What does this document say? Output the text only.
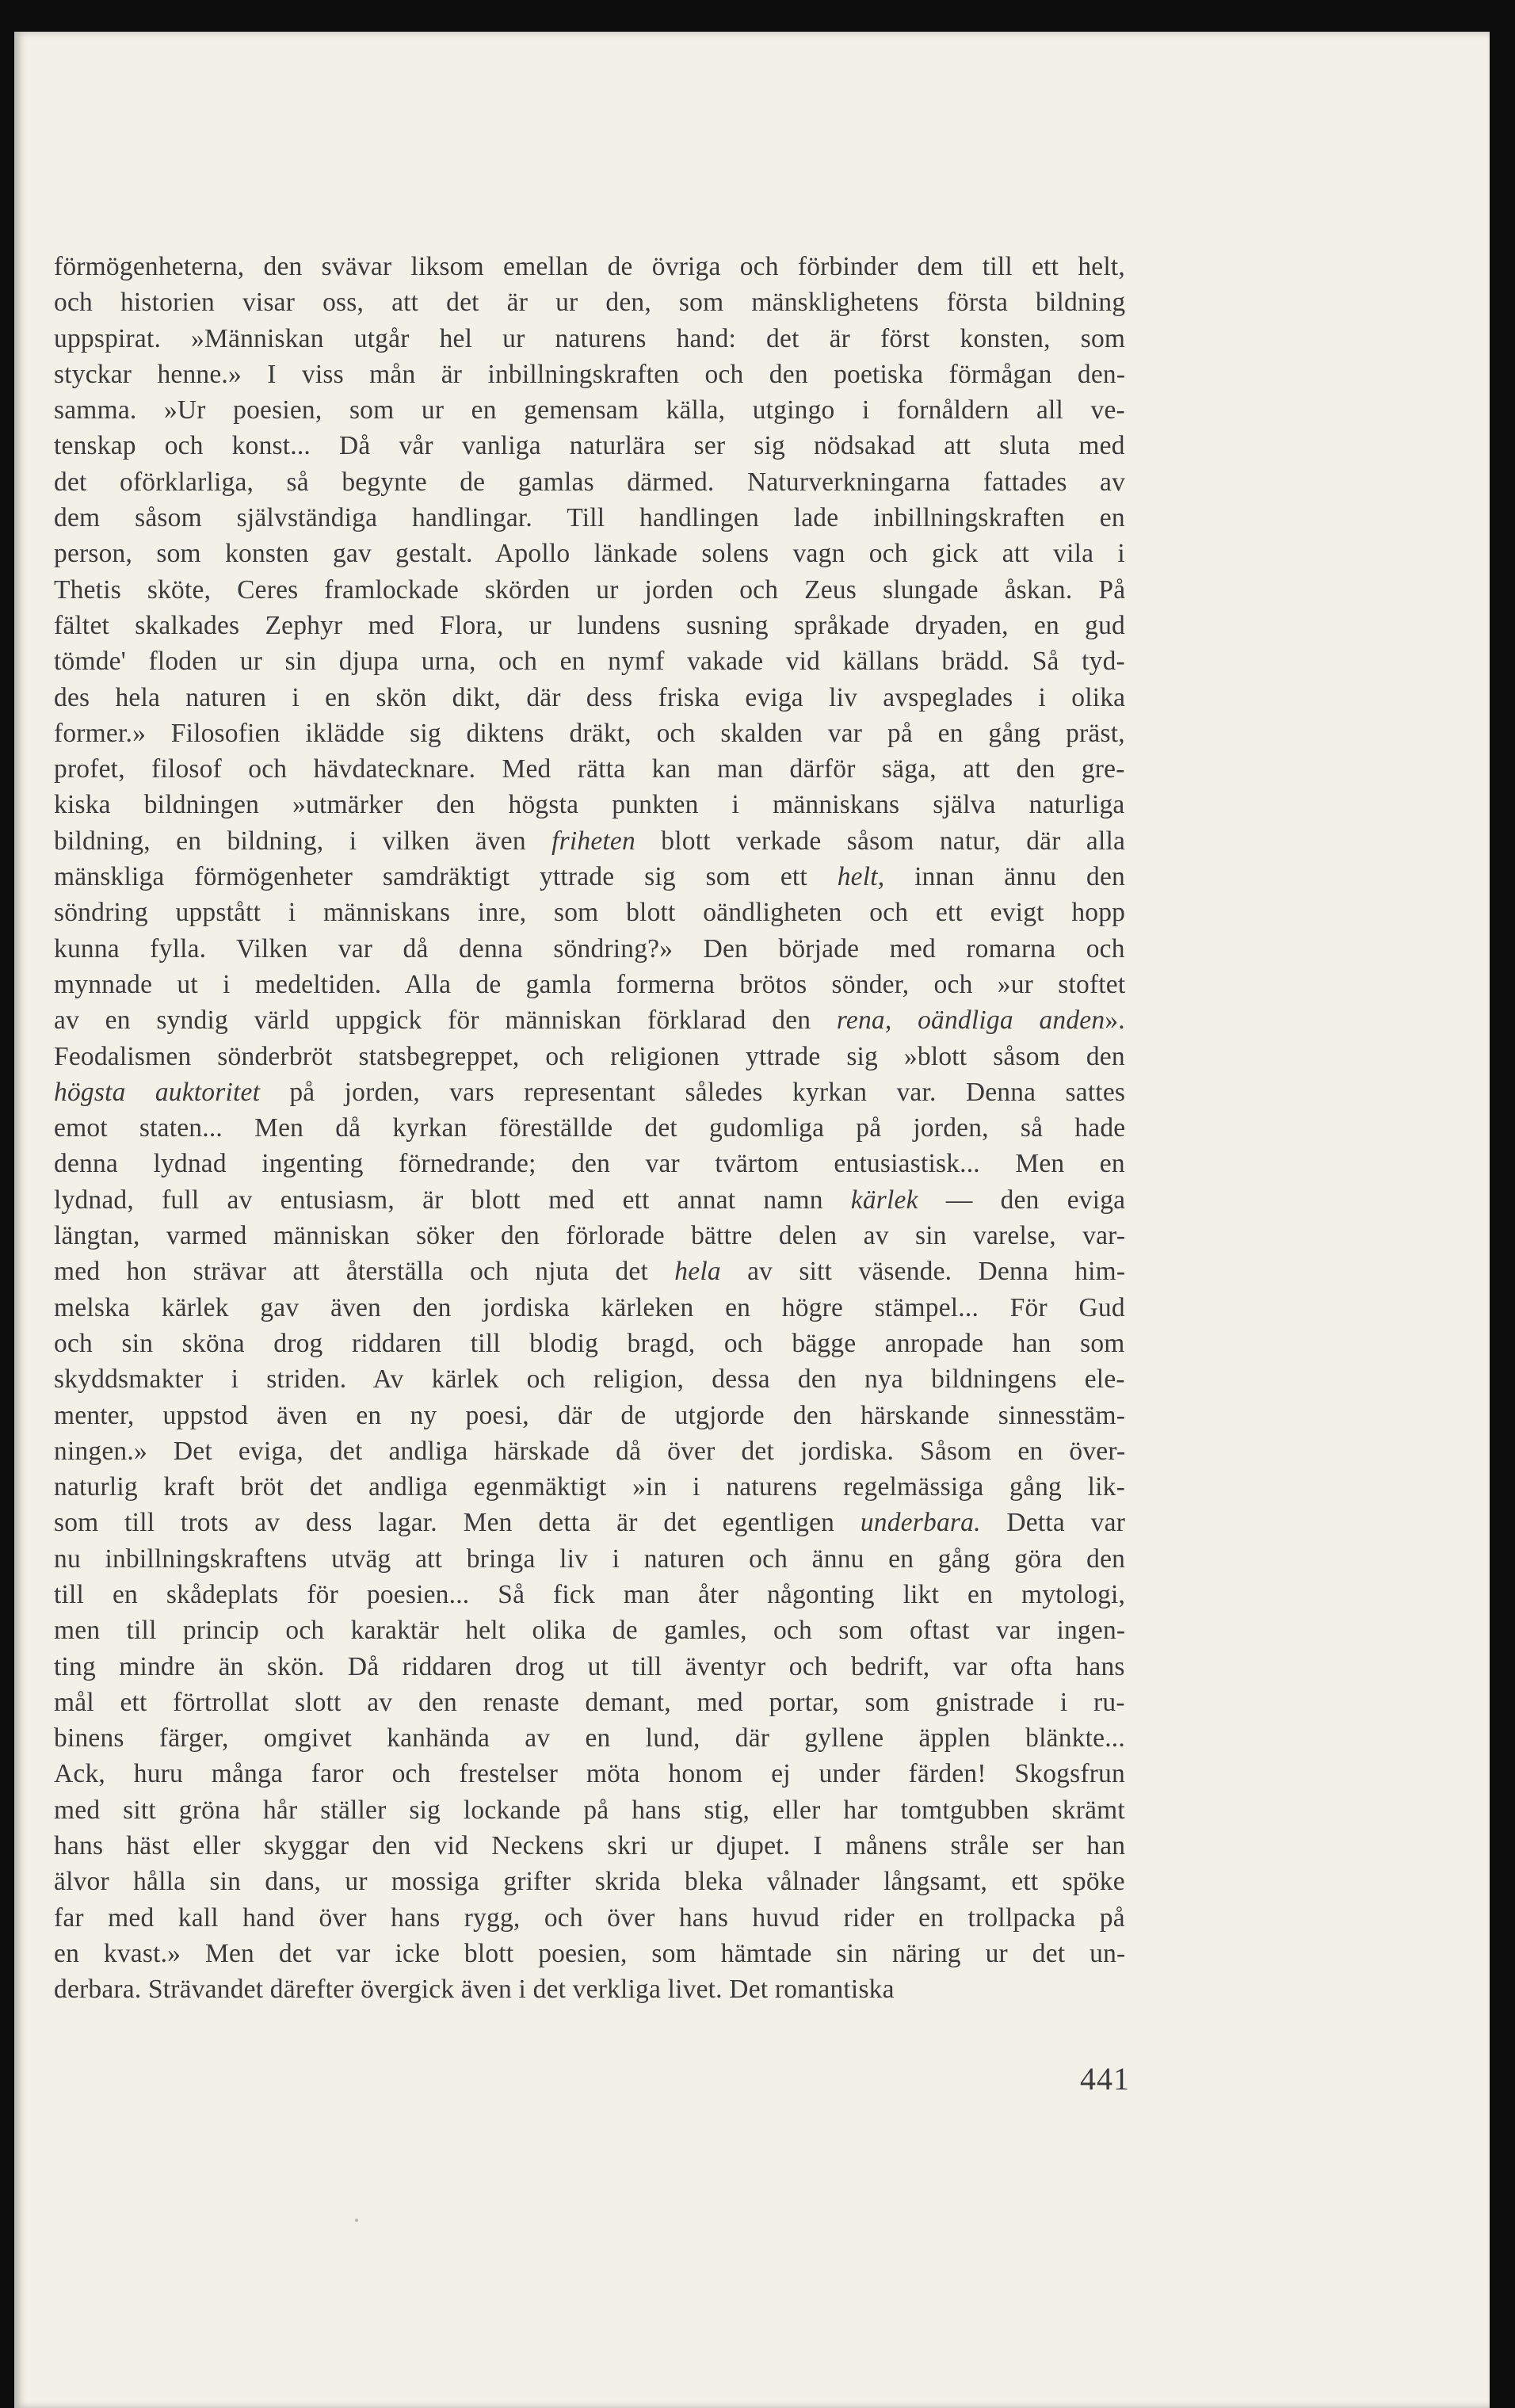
förmögenheterna, den svävar liksom emellan de övriga och förbinder dem till ett helt,
och historien visar oss, att det är ur den, som mänsklighetens första bildning
uppspirat. »Människan utgår hel ur naturens hand: det är först konsten, som
styckar henne.» I viss mån är inbillningskraften och den poetiska förmågan den-
samma. »Ur poesien, som ur en gemensam källa, utgingo i fornåldern all ve-
tenskap och konst... Då vår vanliga naturlära ser sig nödsakad att sluta med
det oförklarliga, så begynte de gamlas därmed. Naturverkningarna fattades av
dem såsom självständiga handlingar. Till handlingen lade inbillningskraften en
person, som konsten gav gestalt. Apollo länkade solens vagn och gick att vila i
Thetis sköte, Ceres framlockade skörden ur jorden och Zeus slungade åskan. På
fältet skalkades Zephyr med Flora, ur lundens susning språkade dryaden, en gud
tömde' floden ur sin djupa urna, och en nymf vakade vid källans brädd. Så tyd-
des hela naturen i en skön dikt, där dess friska eviga liv avspeglades i olika
former.» Filosofien iklädde sig diktens dräkt, och skalden var på en gång präst,
profet, filosof och hävdatecknare. Med rätta kan man därför säga, att den gre-
kiska bildningen »utmärker den högsta punkten i människans själva naturliga
bildning, en bildning, i vilken även friheten blott verkade såsom natur, där alla
mänskliga förmögenheter samdräktigt yttrade sig som ett helt, innan ännu den
söndring uppstått i människans inre, som blott oändligheten och ett evigt hopp
kunna fylla. Vilken var då denna söndring?» Den började med romarna och
mynnade ut i medeltiden. Alla de gamla formerna brötos sönder, och »ur stoftet
av en syndig värld uppgick för människan förklarad den rena, oändliga anden».
Feodalismen sönderbröt statsbegreppet, och religionen yttrade sig »blott såsom den
högsta auktoritet på jorden, vars representant således kyrkan var. Denna sattes
emot staten... Men då kyrkan föreställde det gudomliga på jorden, så hade
denna lydnad ingenting förnedrande; den var tvärtom entusiastisk... Men en
lydnad, full av entusiasm, är blott med ett annat namn kärlek — den eviga
längtan, varmed människan söker den förlorade bättre delen av sin varelse, var-
med hon strävar att återställa och njuta det hela av sitt väsende. Denna him-
melska kärlek gav även den jordiska kärleken en högre stämpel... För Gud
och sin sköna drog riddaren till blodig bragd, och bägge anropade han som
skyddsmakter i striden. Av kärlek och religion, dessa den nya bildningens ele-
menter, uppstod även en ny poesi, där de utgjorde den härskande sinnesstäm-
ningen.» Det eviga, det andliga härskade då över det jordiska. Såsom en över-
naturlig kraft bröt det andliga egenmäktigt »in i naturens regelmässiga gång lik-
som till trots av dess lagar. Men detta är det egentligen underbara. Detta var
nu inbillningskraftens utväg att bringa liv i naturen och ännu en gång göra den
till en skådeplats för poesien... Så fick man åter någonting likt en mytologi,
men till princip och karaktär helt olika de gamles, och som oftast var ingen-
ting mindre än skön. Då riddaren drog ut till äventyr och bedrift, var ofta hans
mål ett förtrollat slott av den renaste demant, med portar, som gnistrade i ru-
binens färger, omgivet kanhända av en lund, där gyllene äpplen blänkte...
Ack, huru många faror och frestelser möta honom ej under färden! Skogsfrun
med sitt gröna hår ställer sig lockande på hans stig, eller har tomtgubben skrämt
hans häst eller skyggar den vid Neckens skri ur djupet. I månens stråle ser han
älvor hålla sin dans, ur mossiga grifter skrida bleka vålnader långsamt, ett spöke
far med kall hand över hans rygg, och över hans huvud rider en trollpacka på
en kvast.» Men det var icke blott poesien, som hämtade sin näring ur det un-
derbara. Strävandet därefter övergick även i det verkliga livet. Det romantiska
441
